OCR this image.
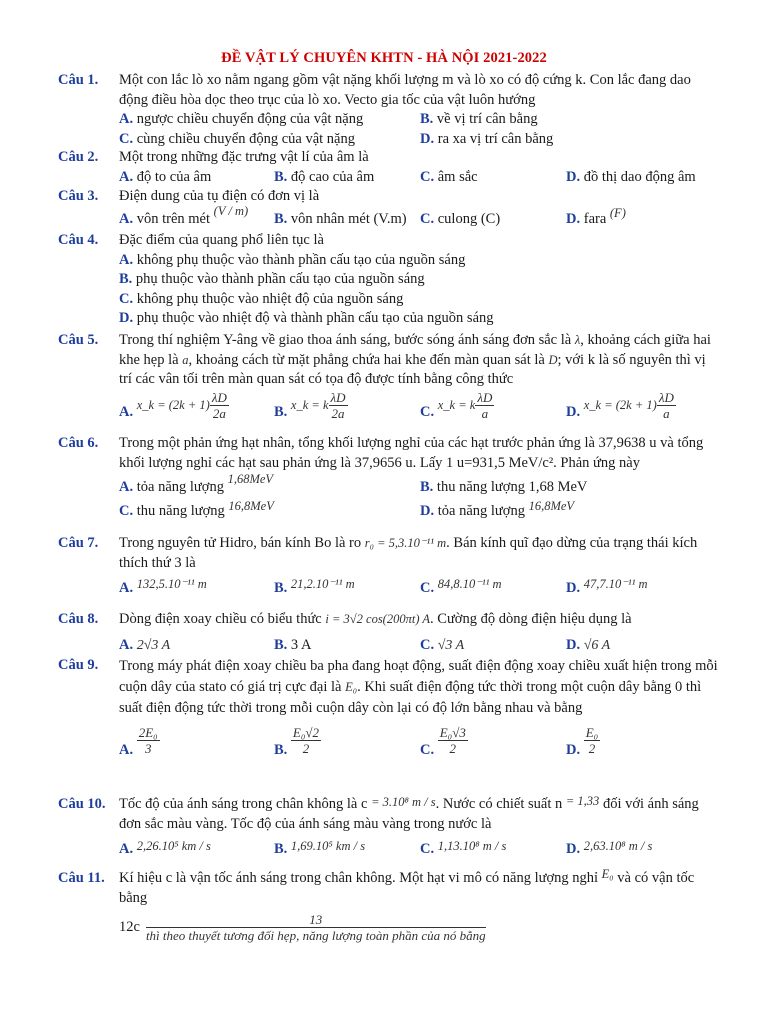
ĐỀ VẬT LÝ CHUYÊN KHTN - HÀ NỘI 2021-2022
Câu 1. Một con lắc lò xo nằm ngang gồm vật nặng khối lượng m và lò xo có độ cứng k. Con lắc đang dao động điều hòa dọc theo trục của lò xo. Vecto gia tốc của vật luôn hướng
A. ngược chiều chuyển động của vật nặng	B. về vị trí cân bằng
C. cùng chiều chuyển động của vật nặng	D. ra xa vị trí cân bằng
Câu 2. Một trong những đặc trưng vật lí của âm là
A. độ to của âm	B. độ cao của âm	C. âm sắc	D. đồ thị dao động âm
Câu 3. Điện dung của tụ điện có đơn vị là
A. vôn trên mét (V / m) B. vôn nhân mét (V.m) C. culong (C)	D. fara (F)
Câu 4. Đặc điểm của quang phổ liên tục là
A. không phụ thuộc vào thành phần cấu tạo của nguồn sáng
B. phụ thuộc vào thành phần cấu tạo của nguồn sáng
C. không phụ thuộc vào nhiệt độ của nguồn sáng
D. phụ thuộc vào nhiệt độ và thành phần cấu tạo của nguồn sáng
Câu 5. Trong thí nghiệm Y-âng về giao thoa ánh sáng, bước sóng ánh sáng đơn sắc là λ, khoảng cách giữa hai khe hẹp là a, khoảng cách từ mặt phẳng chứa hai khe đến màn quan sát là D; với k là số nguyên thì vị trí các vân tối trên màn quan sát có tọa độ được tính bằng công thức
A. x_k = $(2k + 1) \frac{\lambda D}{2a}$	B. x_k = k $\frac{\lambda D}{2a}$	C. x_k = k $\frac{\lambda D}{a}$	D. x_k = $(2k + 1) \frac{\lambda D}{a}$
Câu 6. Trong một phản ứng hạt nhân, tổng khối lượng nghỉ của các hạt trước phản ứng là 37,9638 u và tổng khối lượng nghỉ các hạt sau phản ứng là 37,9656 u. Lấy 1 u=931,5 MeV/c². Phản ứng này
A. tỏa năng lượng 1,68MeV	B. thu năng lượng 1,68 MeV
C. thu năng lượng 16,8MeV	D. tỏa năng lượng 16,8MeV
Câu 7. Trong nguyên tử Hidro, bán kính Bo là ro r₀ = 5,3.10⁻¹¹ m. Bán kính quĩ đạo dừng của trạng thái kích thích thứ 3 là
A. 132,5.10⁻¹¹ m	B. 21,2.10⁻¹¹ m	C. 84,8.10⁻¹¹ m	D. 47,7.10⁻¹¹ m
Câu 8. Dòng điện xoay chiều có biểu thức i = 3√2 cos(200πt) A. Cường độ dòng điện hiệu dụng là
A. 2√3 A	B. 3 A	C. √3 A	D. √6 A
Câu 9. Trong máy phát điện xoay chiều ba pha đang hoạt động, suất điện động xoay chiều xuất hiện trong mỗi cuộn dây của stato có giá trị cực đại là E₀. Khi suất điện động tức thời trong một cuộn dây bằng 0 thì suất điện động tức thời trong mỗi cuộn dây còn lại có độ lớn bằng nhau và bằng
A. $\frac{\text{2E₀}}{3}$	B. $\frac{\text{E₀√2}}{2}$	C. $\frac{\text{E₀√3}}{2}$	D. $\frac{\text{E₀}}{2}$
Câu 10. Tốc độ của ánh sáng trong chân không là c = 3.10⁸ m / s. Nước có chiết suất n = 1,33 đối với ánh sáng đơn sắc màu vàng. Tốc độ của ánh sáng màu vàng trong nước là
A. 2,26.10⁵ km / s	B. 1,69.10⁵ km / s	C. 1,13.10⁸ m / s	D. 2,63.10⁸ m / s
Câu 11. Kí hiệu c là vận tốc ánh sáng trong chân không. Một hạt vi mô có năng lượng nghỉ E₀ và có vận tốc bằng
12c	13
thì theo thuyết tương đối hẹp, năng lượng toàn phần của nó bằng
